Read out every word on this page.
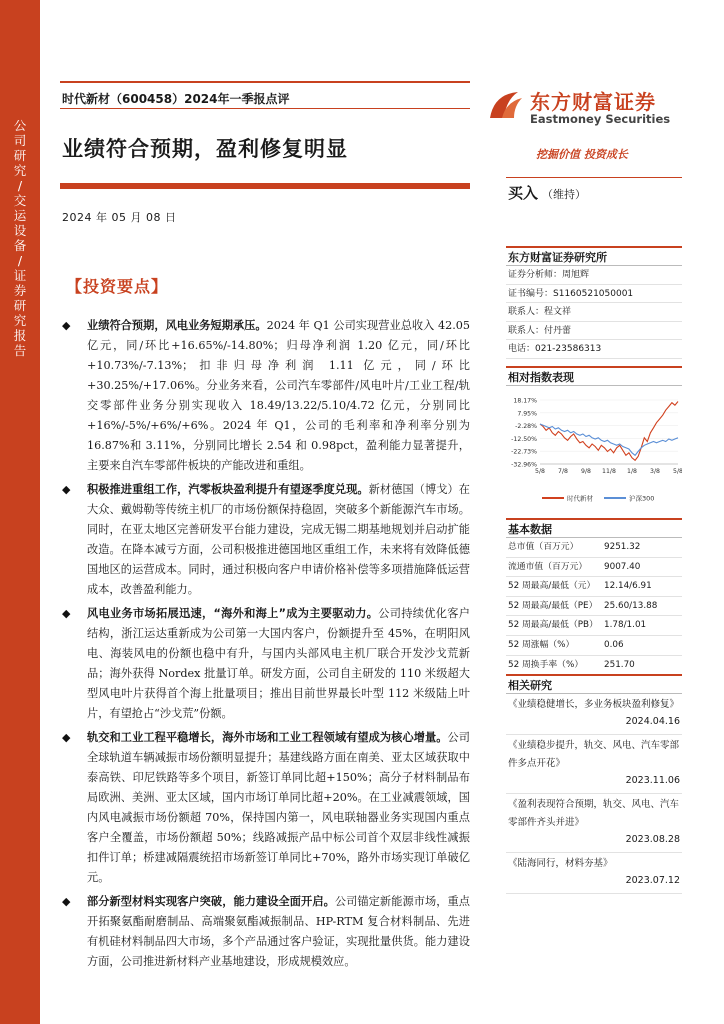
公司研究 / 交运设备 / 证券研究报告
时代新材（600458）2024年一季报点评
业绩符合预期，盈利修复明显
2024 年 05 月 08 日
东方财富证券
Eastmoney Securities
挖掘价值 投资成长
买入 （维持）
东方财富证券研究所
证券分析师：周旭辉
证书编号：S1160521050001
联系人：程文祥
联系人：付丹蕾
电话：021-23586313
相对指数表现
18.17%
7.95%
-2.28%
-12.50%
-22.73%
-32.96%
5/8 7/8 9/8 11/8 1/8 3/8 5/8
时代新材	沪深300
基本数据
总市值（百万元）	9251.32
流通市值（百万元）	9007.40
52 周最高/最低（元） 12.14/6.91
52 周最高/最低（PE） 25.60/13.88
52 周最高/最低（PB） 1.78/1.01
52 周涨幅（%）	0.06
52 周换手率（%）	251.70
相关研究
《业绩稳健增长，多业务板块盈利修复》
2024.04.16
《业绩稳步提升，轨交、风电、汽车零部件多点开花》
2023.11.06
《盈利表现符合预期，轨交、风电、汽车零部件齐头并进》
2023.08.28
《陆海同行，材料夯基》
2023.07.12
【投资要点】
◆ 业绩符合预期，风电业务短期承压。2024 年 Q1 公司实现营业总收入 42.05 亿元，同/环比+16.65%/-14.80%；归母净利润 1.20 亿元，同/环比+10.73%/-7.13%；扣非归母净利润 1.11 亿元，同/环比+30.25%/+17.06%。分业务来看，公司汽车零部件/风电叶片/工业工程/轨交零部件业务分别实现收入 18.49/13.22/5.10/4.72 亿元，分别同比+16%/-5%/+6%/+6%。2024 年 Q1，公司的毛利率和净利率分别为 16.87%和 3.11%，分别同比增长 2.54 和 0.98pct，盈利能力显著提升，主要来自汽车零部件板块的产能改进和重组。
◆ 积极推进重组工作，汽零板块盈利提升有望逐季度兑现。新材德国（博戈）在大众、戴姆勒等传统主机厂的市场份额保持稳固，突破多个新能源汽车市场。同时，在亚太地区完善研发平台能力建设，完成无锡二期基地规划并启动扩能改造。在降本减亏方面，公司积极推进德国地区重组工作，未来将有效降低德国地区的运营成本。同时，通过积极向客户申请价格补偿等多项措施降低运营成本，改善盈利能力。
◆ 风电业务市场拓展迅速，“海外和海上”成为主要驱动力。公司持续优化客户结构，浙江运达重新成为公司第一大国内客户，份额提升至 45%，在明阳风电、海装风电的份额也稳中有升，与国内头部风电主机厂联合开发沙戈荒新品；海外获得 Nordex 批量订单。研发方面，公司自主研发的 110 米级超大型风电叶片获得首个海上批量项目；推出目前世界最长叶型 112 米级陆上叶片，有望抢占“沙戈荒”份额。
◆ 轨交和工业工程平稳增长，海外市场和工业工程领域有望成为核心增量。公司全球轨道车辆减振市场份额明显提升；基建线路方面在南美、亚太区域获取中泰高铁、印尼铁路等多个项目，新签订单同比超+150%；高分子材料制品布局欧洲、美洲、亚太区域，国内市场订单同比超+20%。在工业减震领域，国内风电减振市场份额超 70%，保持国内第一，风电联轴器业务实现国内重点客户全覆盖，市场份额超 50%；线路减振产品中标公司首个双层非线性减振扣件订单；桥建减隔震统招市场新签订单同比+70%，路外市场实现订单破亿元。
◆ 部分新型材料实现客户突破，能力建设全面开启。公司锚定新能源市场，重点开拓聚氨酯耐磨制品、高端聚氨酯减振制品、HP-RTM 复合材料制品、先进有机硅材料制品四大市场，多个产品通过客户验证，实现批量供货。能力建设方面，公司推进新材料产业基地建设，形成规模效应。
